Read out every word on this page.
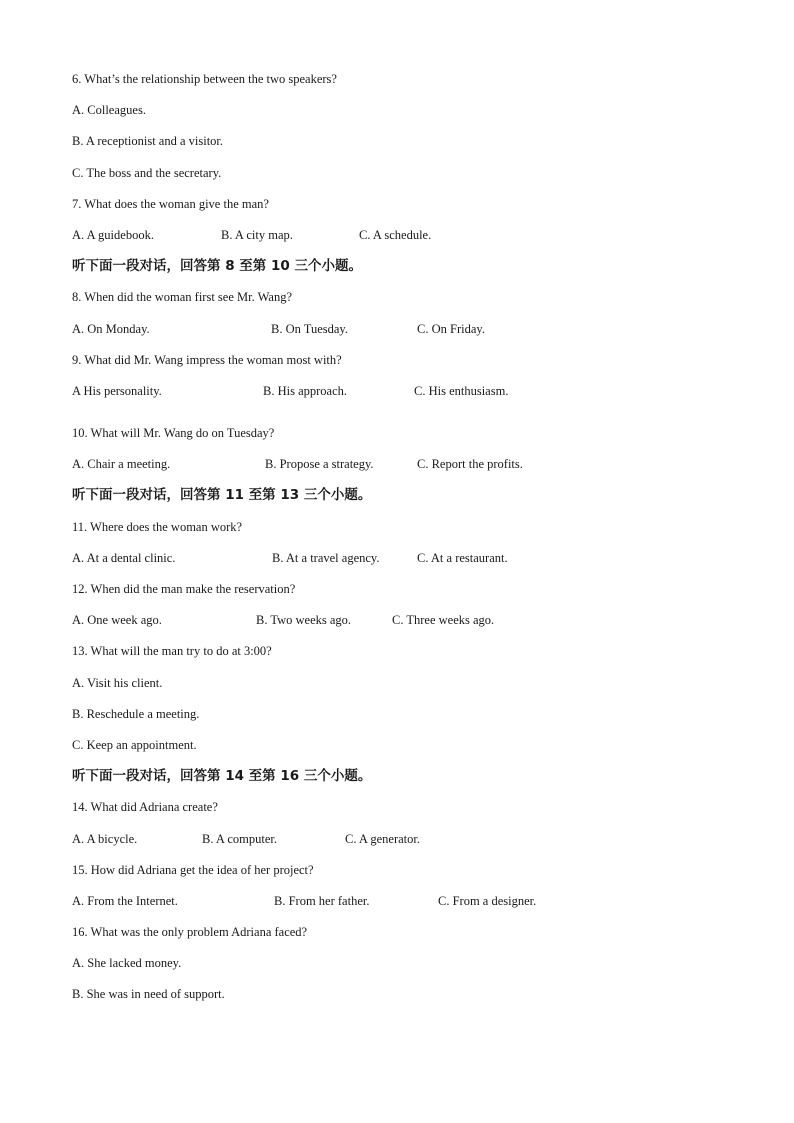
6. What’s the relationship between the two speakers?
A. Colleagues.
B. A receptionist and a visitor.
C. The boss and the secretary.
7. What does the woman give the man?
A. A guidebook.	B. A city map.	C. A schedule.
听下面一段对话，回答第 8 至第 10 三个小题。
8. When did the woman first see Mr. Wang?
A. On Monday.	B. On Tuesday.	C. On Friday.
9. What did Mr. Wang impress the woman most with?
A His personality.	B. His approach.	C. His enthusiasm.
10. What will Mr. Wang do on Tuesday?
A. Chair a meeting.	B. Propose a strategy.	C. Report the profits.
听下面一段对话，回答第 11 至第 13 三个小题。
11. Where does the woman work?
A. At a dental clinic.	B. At a travel agency.	C. At a restaurant.
12. When did the man make the reservation?
A. One week ago.	B. Two weeks ago.	C. Three weeks ago.
13. What will the man try to do at 3:00?
A. Visit his client.
B. Reschedule a meeting.
C. Keep an appointment.
听下面一段对话，回答第 14 至第 16 三个小题。
14. What did Adriana create?
A. A bicycle.	B. A computer.	C. A generator.
15. How did Adriana get the idea of her project?
A. From the Internet.	B. From her father.	C. From a designer.
16. What was the only problem Adriana faced?
A. She lacked money.
B. She was in need of support.
